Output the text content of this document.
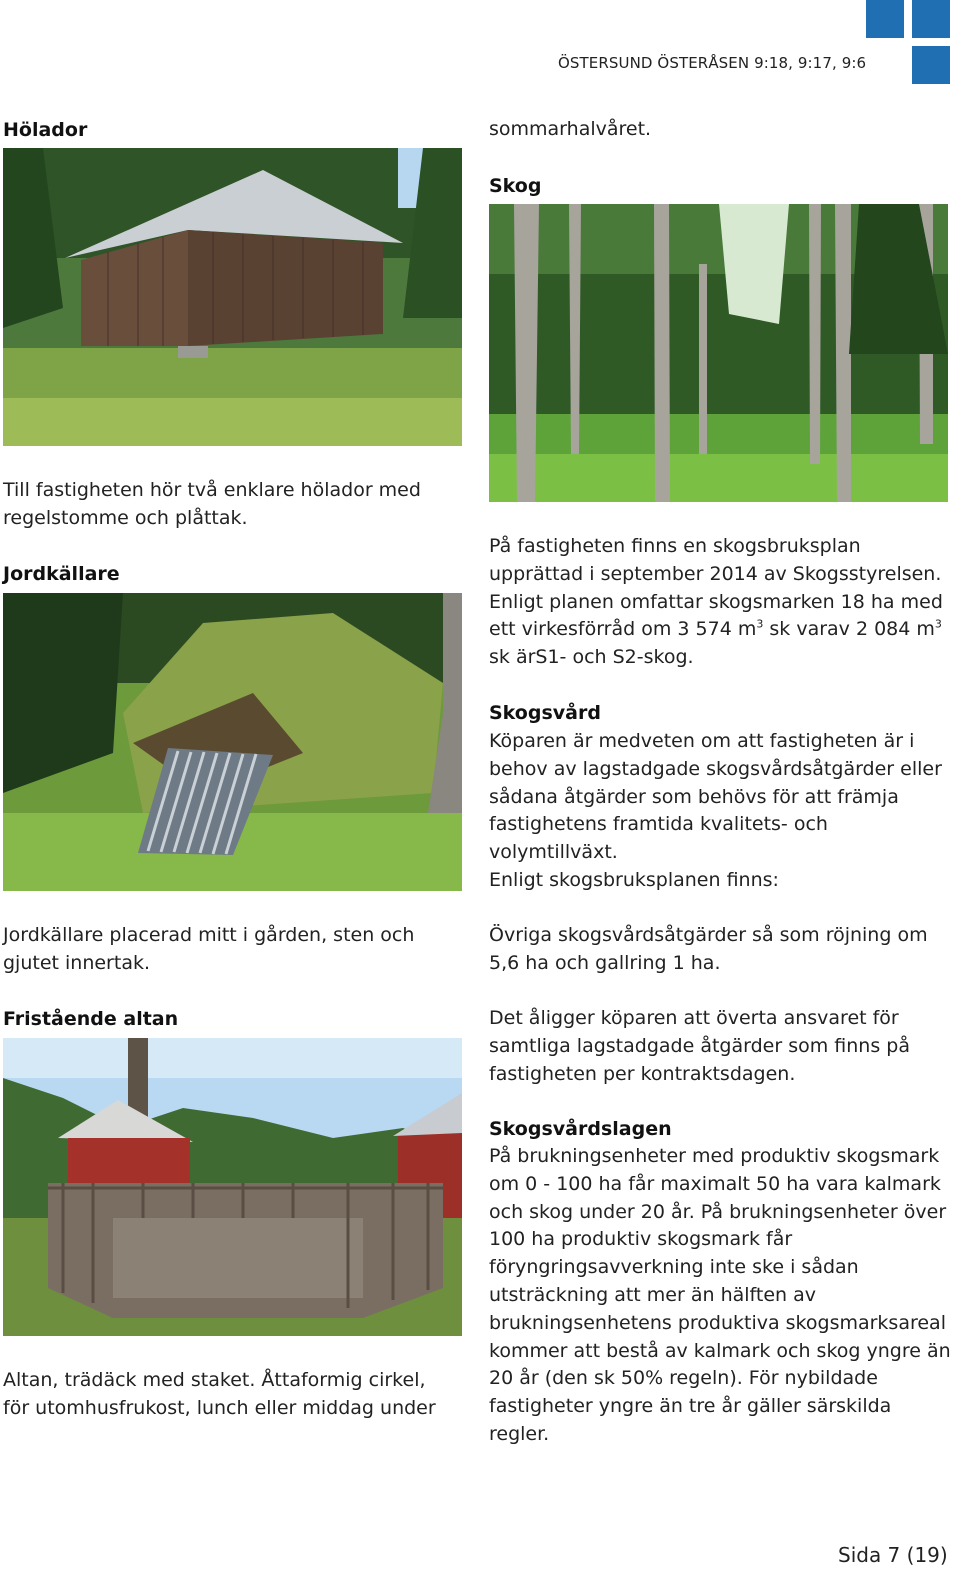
ÖSTERSUND ÖSTERÅSEN 9:18, 9:17, 9:6
Hölador
Till fastigheten hör två enklare hölador med regelstomme och plåttak.
Jordkällare
Jordkällare placerad mitt i gården, sten och gjutet innertak.
Fristående altan
Altan, trädäck med staket. Åttaformig cirkel, för utomhusfrukost, lunch eller middag under
sommarhalvåret.
Skog
På fastigheten finns en skogsbruksplan upprättad i september 2014 av Skogsstyrelsen. Enligt planen omfattar skogsmarken 18 ha med ett virkesförråd om 3 574 $m^3$ sk varav 2 084 $m^3$ sk ärS1- och S2-skog.
Skogsvård
Köparen är medveten om att fastigheten är i behov av lagstadgade skogsvårdsåtgärder eller sådana åtgärder som behövs för att främja fastighetens framtida kvalitets- och volymtillväxt.
Enligt skogsbruksplanen finns:
Övriga skogsvårdsåtgärder så som röjning om 5,6 ha och gallring 1 ha.
Det åligger köparen att överta ansvaret för samtliga lagstadgade åtgärder som finns på fastigheten per kontraktsdagen.
Skogsvårdslagen
På brukningsenheter med produktiv skogsmark om 0 - 100 ha får maximalt 50 ha vara kalmark och skog under 20 år. På brukningsenheter över 100 ha produktiv skogsmark får föryngringsavverkning inte ske i sådan utsträckning att mer än hälften av brukningsenhetens produktiva skogsmarksareal kommer att bestå av kalmark och skog yngre än 20 år (den sk 50% regeln). För nybildade fastigheter yngre än tre år gäller särskilda regler.
Sida 7 (19)
